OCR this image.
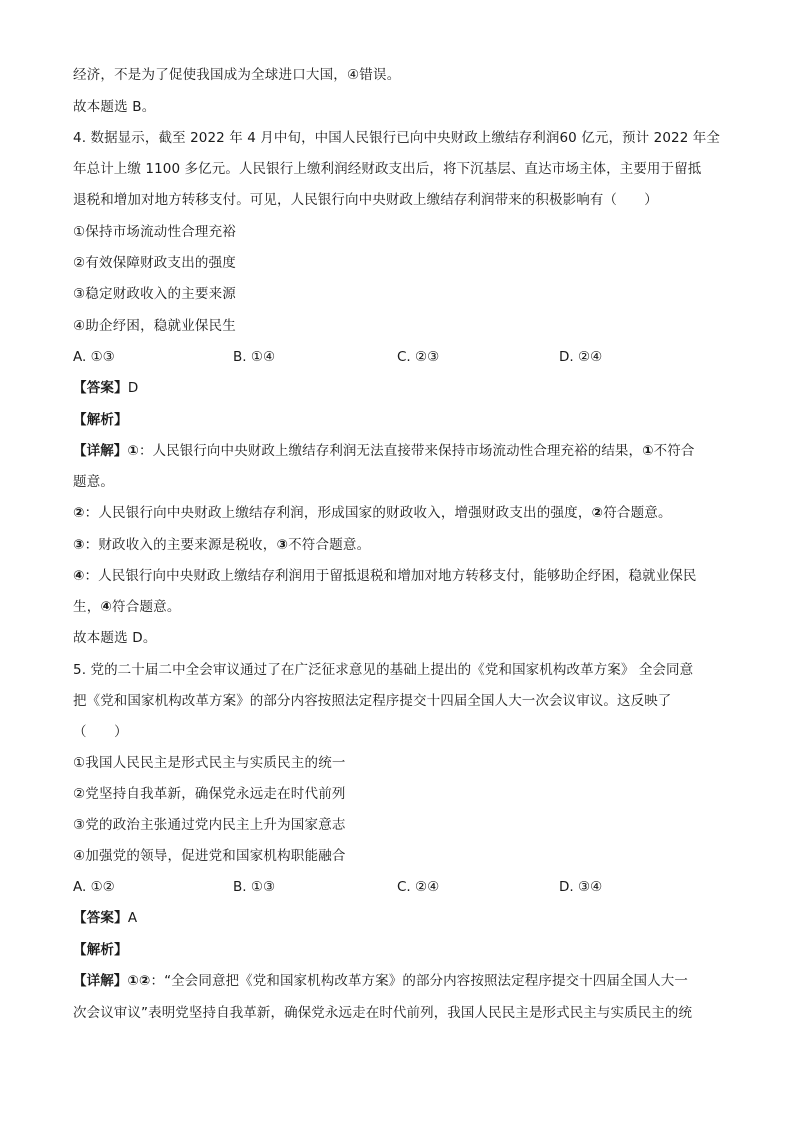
经济，不是为了促使我国成为全球进口大国，④错误。
故本题选 B。
4. 数据显示，截至 2022 年 4 月中旬，中国人民银行已向中央财政上缴结存利润60 亿元，预计 2022 年全
年总计上缴 1100 多亿元。人民银行上缴利润经财政支出后，将下沉基层、直达市场主体，主要用于留抵
退税和增加对地方转移支付。可见，人民银行向中央财政上缴结存利润带来的积极影响有（　　）
①保持市场流动性合理充裕
②有效保障财政支出的强度
③稳定财政收入的主要来源
④助企纾困，稳就业保民生
A. ①③	B. ①④	C. ②③	D. ②④
【答案】D
【解析】
【详解】①：人民银行向中央财政上缴结存利润无法直接带来保持市场流动性合理充裕的结果，①不符合
题意。
②：人民银行向中央财政上缴结存利润，形成国家的财政收入，增强财政支出的强度，②符合题意。
③：财政收入的主要来源是税收，③不符合题意。
④：人民银行向中央财政上缴结存利润用于留抵退税和增加对地方转移支付，能够助企纾困，稳就业保民
生，④符合题意。
故本题选 D。
5. 党的二十届二中全会审议通过了在广泛征求意见的基础上提出的《党和国家机构改革方案》 全会同意
把《党和国家机构改革方案》的部分内容按照法定程序提交十四届全国人大一次会议审议。这反映了
（　　）
①我国人民民主是形式民主与实质民主的统一
②党坚持自我革新，确保党永远走在时代前列
③党的政治主张通过党内民主上升为国家意志
④加强党的领导，促进党和国家机构职能融合
A. ①②	B. ①③	C. ②④	D. ③④
【答案】A
【解析】
【详解】①②：“全会同意把《党和国家机构改革方案》的部分内容按照法定程序提交十四届全国人大一
次会议审议”表明党坚持自我革新，确保党永远走在时代前列，我国人民民主是形式民主与实质民主的统
